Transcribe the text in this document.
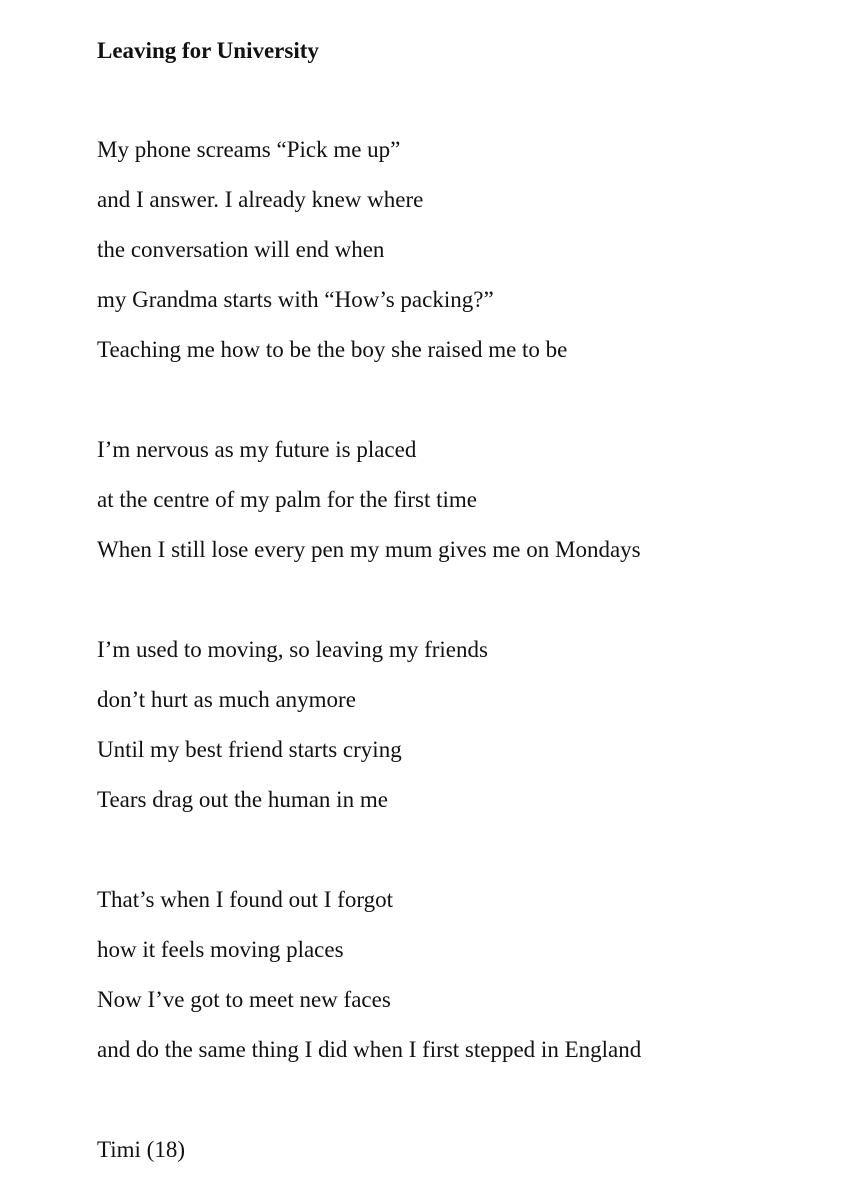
Leaving for University
My phone screams “Pick me up”
and I answer. I already knew where
the conversation will end when
my Grandma starts with “How’s packing?”
Teaching me how to be the boy she raised me to be
I’m nervous as my future is placed
at the centre of my palm for the first time
When I still lose every pen my mum gives me on Mondays
I’m used to moving, so leaving my friends
don’t hurt as much anymore
Until my best friend starts crying
Tears drag out the human in me
That’s when I found out I forgot
how it feels moving places
Now I’ve got to meet new faces
and do the same thing I did when I first stepped in England
Timi (18)
